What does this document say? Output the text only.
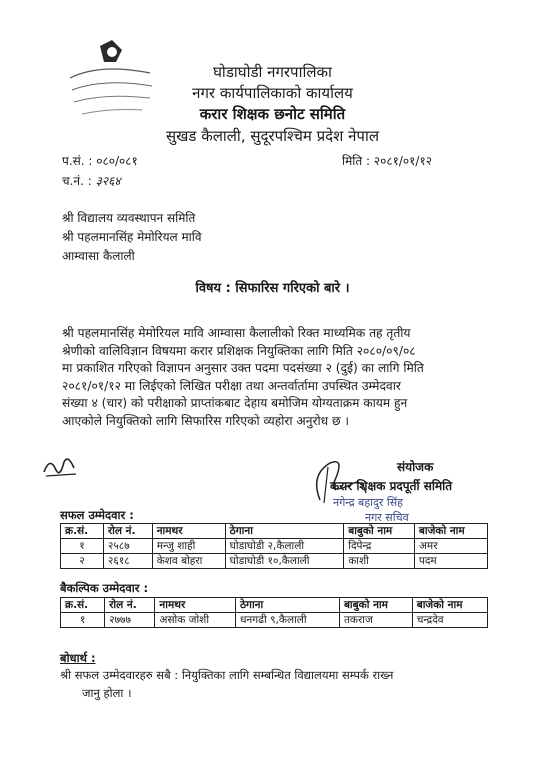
घोडाघोडी नगरपालिका
नगर कार्यपालिकाको कार्यालय
करार शिक्षक छनोट समिति
सुखड कैलाली, सुदूरपश्चिम प्रदेश नेपाल
प.सं. : ०८०/०८१
च.नं. : ३२६४
मिति : २०८१/०१/१२
श्री विद्यालय व्यवस्थापन समिति
श्री पहलमानसिंह मेमोरियल मावि
आम्वासा कैलाली
विषय : सिफारिस गरिएको बारे ।
श्री पहलमानसिंह मेमोरियल मावि आम्वासा कैलालीको रिक्त माध्यमिक तह तृतीय
श्रेणीको वालिविज्ञान विषयमा करार प्रशिक्षक नियुक्तिका लागि मिति २०८०/०९/०८
मा प्रकाशित गरिएको विज्ञापन अनुसार उक्त पदमा पदसंख्या २ (दुई) का लागि मिति
२०८१/०१/१२ मा लिईएको लिखित परीक्षा तथा अन्तर्वार्तामा उपस्थित उम्मेदवार
संख्या ४ (चार) को परीक्षाको प्राप्तांकबाट देहाय बमोजिम योग्यताक्रम कायम हुन
आएकोले नियुक्तिको लागि सिफारिस गरिएको व्यहोरा अनुरोध छ ।
संयोजक
करार शिक्षक प्रदपूर्ती समिति
नगेन्द्र बहादुर सिंह
नगर सचिव
सफल उम्मेदवार :
क्र.सं.	रोल नं.	नामथर	ठेगाना	बाबुको नाम	बाजेको नाम
१	२५८७	मन्जु शाही	घोडाघोडी २,कैलाली	दिपेन्द्र	अमर
२	२६१८	केशव बोहरा	घोडाघोडी १०,कैलाली	काशी	पदम
बैकल्पिक उम्मेदवार :
क्र.सं.	रोल नं.	नामथर	ठेगाना	बाबुको नाम	बाजेको नाम
१	२७७७	असोक जोशी	धनगढी ९,कैलाली	तकराज	चन्द्रदेव
बोधार्थ :
श्री सफल उम्मेदवारहरु सबै : नियुक्तिका लागि सम्बन्धित विद्यालयमा सम्पर्क राख्न
जानु होला ।
